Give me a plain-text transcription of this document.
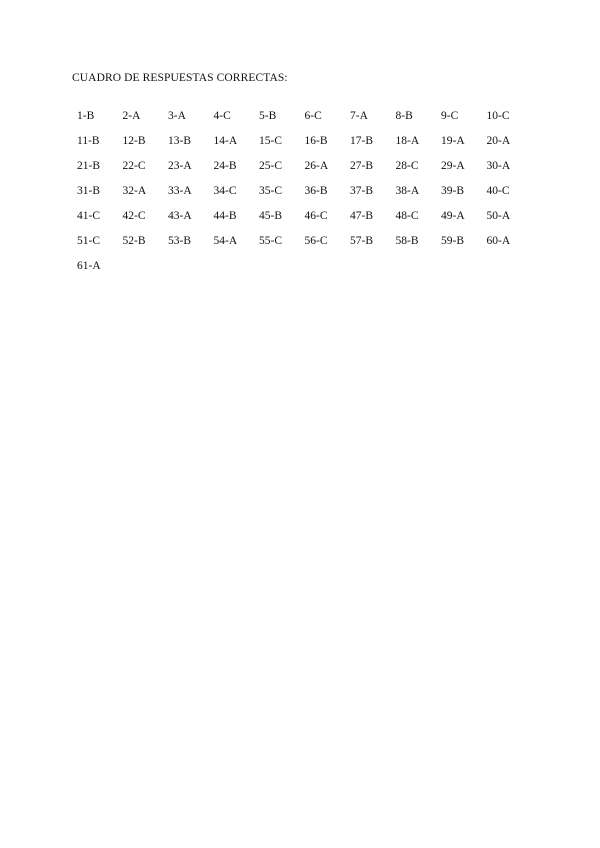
CUADRO DE RESPUESTAS CORRECTAS:
1-B	2-A	3-A	4-C	5-B	6-C	7-A	8-B	9-C	10-C
11-B	12-B	13-B	14-A	15-C	16-B	17-B	18-A	19-A	20-A
21-B	22-C	23-A	24-B	25-C	26-A	27-B	28-C	29-A	30-A
31-B	32-A	33-A	34-C	35-C	36-B	37-B	38-A	39-B	40-C
41-C	42-C	43-A	44-B	45-B	46-C	47-B	48-C	49-A	50-A
51-C	52-B	53-B	54-A	55-C	56-C	57-B	58-B	59-B	60-A
61-A
